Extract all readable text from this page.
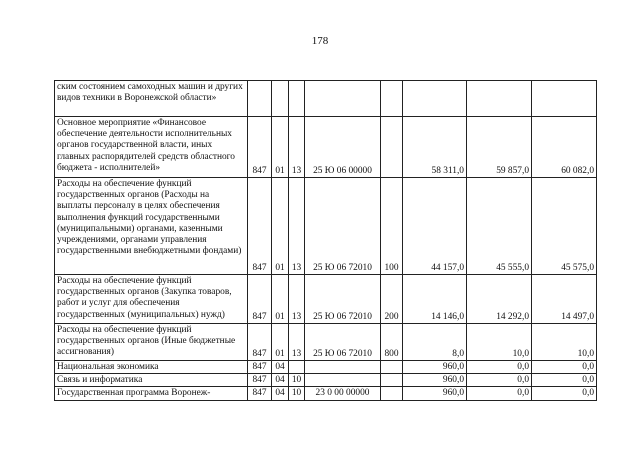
178
ским состоянием самоходных машин и других видов техники в Воронежской области»								
Основное мероприятие «Финансовое обеспечение деятельности исполнительных органов государственной власти, иных главных распорядителей средств областного бюджета - исполнителей»	847	01	13	25 Ю 06 00000		58 311,0	59 857,0	60 082,0
Расходы на обеспечение функций государственных органов (Расходы на выплаты персоналу в целях обеспечения выполнения функций государственными (муниципальными) органами, казенными учреждениями, органами управления государственными внебюджетными фондами)	847	01	13	25 Ю 06 72010	100	44 157,0	45 555,0	45 575,0
Расходы на обеспечение функций государственных органов (Закупка товаров, работ и услуг для обеспечения государственных (муниципальных) нужд)	847	01	13	25 Ю 06 72010	200	14 146,0	14 292,0	14 497,0
Расходы на обеспечение функций государственных органов (Иные бюджетные ассигнования)	847	01	13	25 Ю 06 72010	800	8,0	10,0	10,0
Национальная экономика	847	04				960,0	0,0	0,0
Связь и информатика	847	04	10			960,0	0,0	0,0
Государственная программа Воронеж-	847	04	10	23 0 00 00000		960,0	0,0	0,0
